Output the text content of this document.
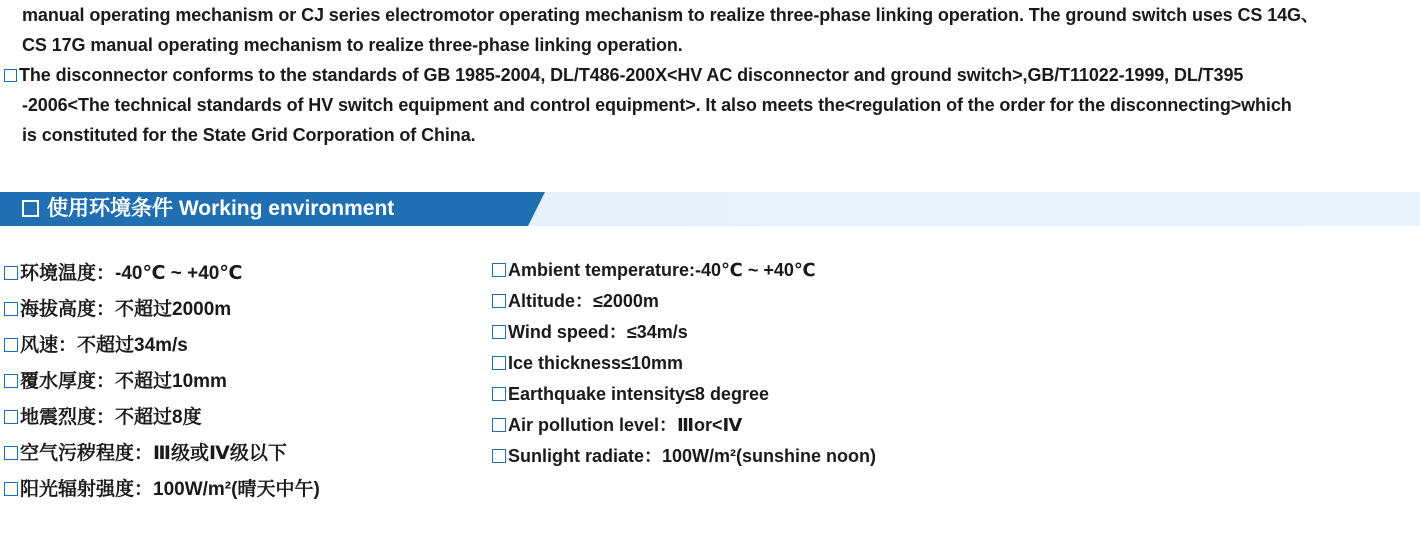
manual operating mechanism or CJ series electromotor operating mechanism to realize three-phase linking operation. The ground switch uses CS 14G、
CS 17G manual operating mechanism to realize three-phase linking operation.
The disconnector conforms to the standards of GB 1985-2004, DL/T486-200X<HV AC disconnector and ground switch>,GB/T11022-1999, DL/T395
-2006<The technical standards of HV switch equipment and control equipment>. It also meets the<regulation of the order for the disconnecting>which
is constituted for the State Grid Corporation of China.
使用环境条件 Working environment
环境温度：-40℃ ~ +40℃
海拔高度：不超过2000m
风速：不超过34m/s
覆水厚度：不超过10mm
地震烈度：不超过8度
空气污秽程度：Ⅲ级或Ⅳ级以下
阳光辐射强度：100W/m²(晴天中午)
Ambient temperature:-40℃ ~ +40℃
Altitude：≤2000m
Wind speed：≤34m/s
Ice thickness≤10mm
Earthquake intensity≤8 degree
Air pollution level：Ⅲor<Ⅳ
Sunlight radiate：100W/m²(sunshine noon)
